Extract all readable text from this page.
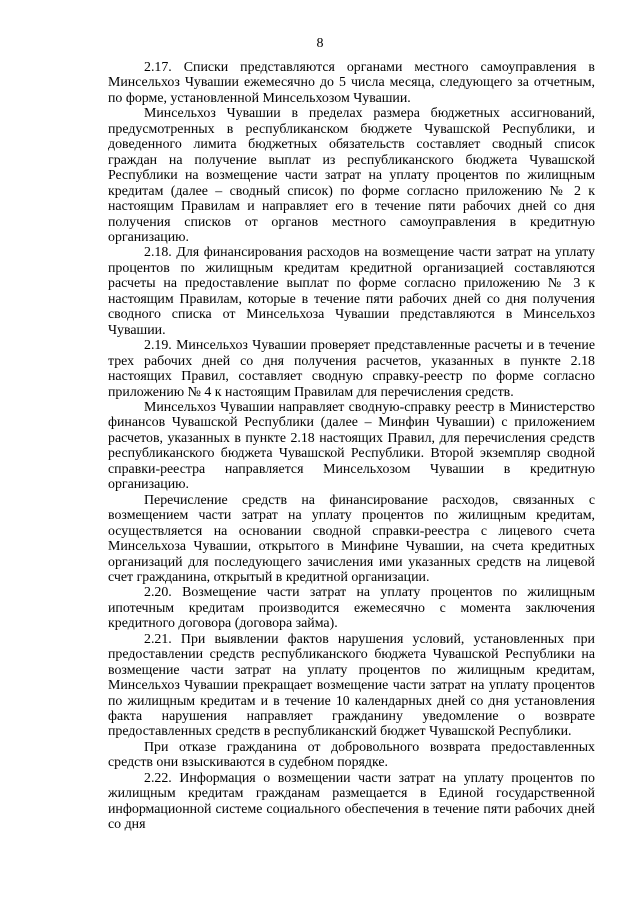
8

2.17. Списки представляются органами местного самоуправления в Минсельхоз Чувашии ежемесячно до 5 числа месяца, следующего за отчетным, по форме, установленной Минсельхозом Чувашии.

Минсельхоз Чувашии в пределах размера бюджетных ассигнований, предусмотренных в республиканском бюджете Чувашской Республики, и доведенного лимита бюджетных обязательств составляет сводный список граждан на получение выплат из республиканского бюджета Чувашской Республики на возмещение части затрат на уплату процентов по жилищным кредитам (далее – сводный список) по форме согласно приложению № 2 к настоящим Правилам и направляет его в течение пяти рабочих дней со дня получения списков от органов местного самоуправления в кредитную организацию.

2.18. Для финансирования расходов на возмещение части затрат на уплату процентов по жилищным кредитам кредитной организацией составляются расчеты на предоставление выплат по форме согласно приложению № 3 к настоящим Правилам, которые в течение пяти рабочих дней со дня получения сводного списка от Минсельхоза Чувашии представляются в Минсельхоз Чувашии.

2.19. Минсельхоз Чувашии проверяет представленные расчеты и в течение трех рабочих дней со дня получения расчетов, указанных в пункте 2.18 настоящих Правил, составляет сводную справку-реестр по форме согласно приложению № 4 к настоящим Правилам для перечисления средств.

Минсельхоз Чувашии направляет сводную-справку реестр в Министерство финансов Чувашской Республики (далее – Минфин Чувашии) с приложением расчетов, указанных в пункте 2.18 настоящих Правил, для перечисления средств республиканского бюджета Чувашской Республики. Второй экземпляр сводной справки-реестра направляется Минсельхозом Чувашии в кредитную организацию.

Перечисление средств на финансирование расходов, связанных с возмещением части затрат на уплату процентов по жилищным кредитам, осуществляется на основании сводной справки-реестра с лицевого счета Минсельхоза Чувашии, открытого в Минфине Чувашии, на счета кредитных организаций для последующего зачисления ими указанных средств на лицевой счет гражданина, открытый в кредитной организации.

2.20. Возмещение части затрат на уплату процентов по жилищным ипотечным кредитам производится ежемесячно с момента заключения кредитного договора (договора займа).

2.21. При выявлении фактов нарушения условий, установленных при предоставлении средств республиканского бюджета Чувашской Республики на возмещение части затрат на уплату процентов по жилищным кредитам, Минсельхоз Чувашии прекращает возмещение части затрат на уплату процентов по жилищным кредитам и в течение 10 календарных дней со дня установления факта нарушения направляет гражданину уведомление о возврате предоставленных средств в республиканский бюджет Чувашской Республики.

При отказе гражданина от добровольного возврата предоставленных средств они взыскиваются в судебном порядке.

2.22. Информация о возмещении части затрат на уплату процентов по жилищным кредитам гражданам размещается в Единой государственной информационной системе социального обеспечения в течение пяти рабочих дней со дня
